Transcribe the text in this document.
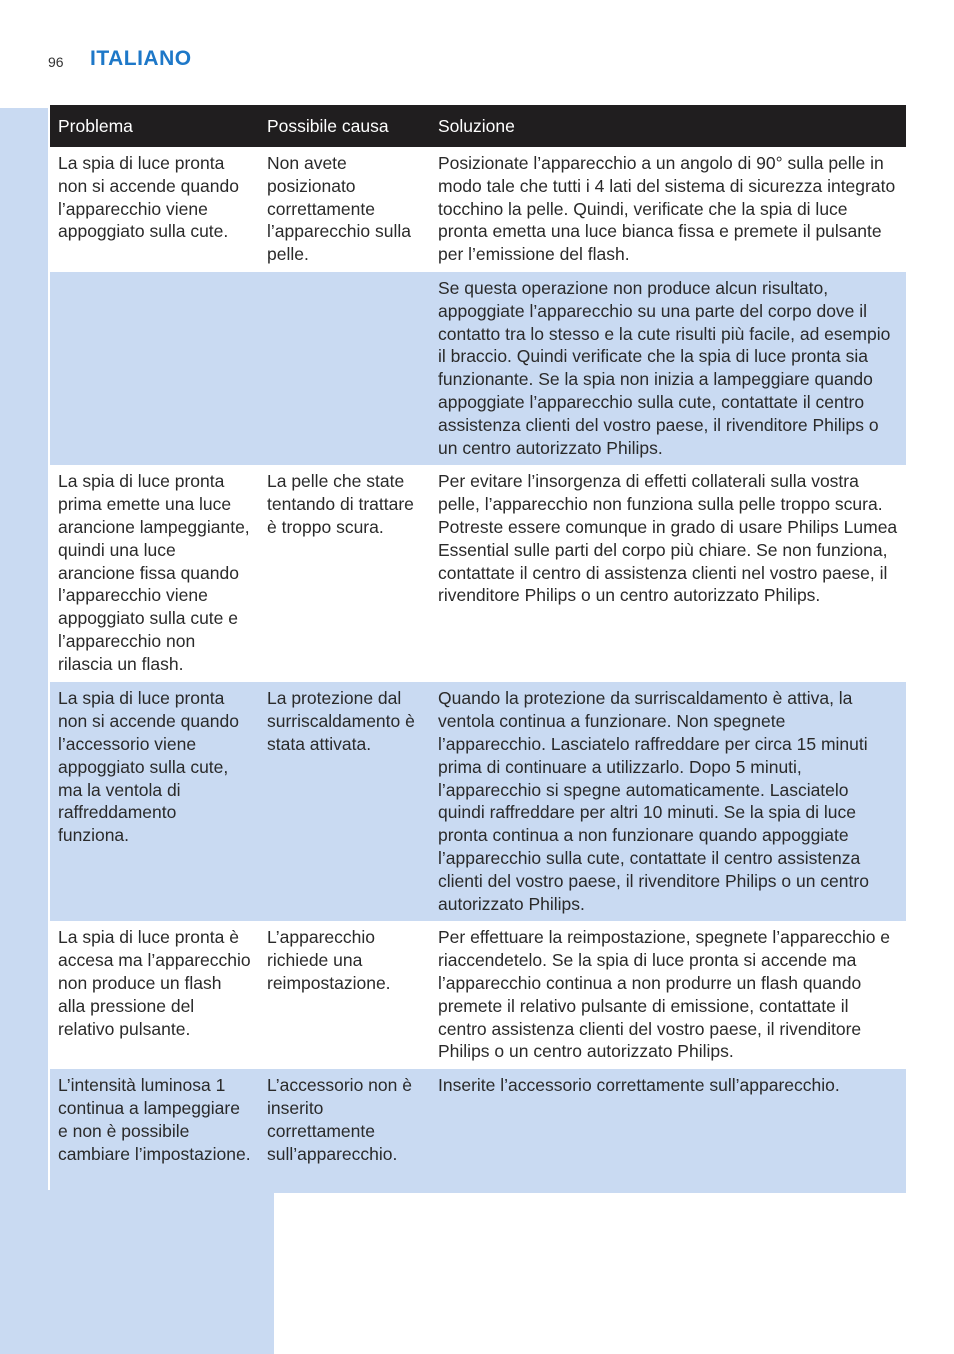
96 ITALIANO
Problema	Possibile causa	Soluzione
La spia di luce pronta non si accende quando l’apparecchio viene appoggiato sulla cute.	Non avete posizionato correttamente l’apparecchio sulla pelle.	Posizionate l’apparecchio a un angolo di 90° sulla pelle in modo tale che tutti i 4 lati del sistema di sicurezza integrato tocchino la pelle. Quindi, verificate che la spia di luce pronta emetta una luce bianca fissa e premete il pulsante per l’emissione del flash.
		Se questa operazione non produce alcun risultato, appoggiate l’apparecchio su una parte del corpo dove il contatto tra lo stesso e la cute risulti più facile, ad esempio il braccio. Quindi verificate che la spia di luce pronta sia funzionante. Se la spia non inizia a lampeggiare quando appoggiate l’apparecchio sulla cute, contattate il centro assistenza clienti del vostro paese, il rivenditore Philips o un centro autorizzato Philips.
La spia di luce pronta prima emette una luce arancione lampeggiante, quindi una luce arancione fissa quando l’apparecchio viene appoggiato sulla cute e l’apparecchio non rilascia un flash.	La pelle che state tentando di trattare è troppo scura.	Per evitare l’insorgenza di effetti collaterali sulla vostra pelle, l’apparecchio non funziona sulla pelle troppo scura. Potreste essere comunque in grado di usare Philips Lumea Essential sulle parti del corpo più chiare. Se non funziona, contattate il centro di assistenza clienti nel vostro paese, il rivenditore Philips o un centro autorizzato Philips.
La spia di luce pronta non si accende quando l’accessorio viene appoggiato sulla cute, ma la ventola di raffreddamento funziona.	La protezione dal surriscaldamento è stata attivata.	Quando la protezione da surriscaldamento è attiva, la ventola continua a funzionare. Non spegnete l’apparecchio. Lasciatelo raffreddare per circa 15 minuti prima di continuare a utilizzarlo. Dopo 5 minuti, l’apparecchio si spegne automaticamente. Lasciatelo quindi raffreddare per altri 10 minuti. Se la spia di luce pronta continua a non funzionare quando appoggiate l’apparecchio sulla cute, contattate il centro assistenza clienti del vostro paese, il rivenditore Philips o un centro autorizzato Philips.
La spia di luce pronta è accesa ma l’apparecchio non produce un flash alla pressione del relativo pulsante.	L’apparecchio richiede una reimpostazione.	Per effettuare la reimpostazione, spegnete l’apparecchio e riaccendetelo. Se la spia di luce pronta si accende ma l’apparecchio continua a non produrre un flash quando premete il relativo pulsante di emissione, contattate il centro assistenza clienti del vostro paese, il rivenditore Philips o un centro autorizzato Philips.
L’intensità luminosa 1 continua a lampeggiare e non è possibile cambiare l’impostazione.	L’accessorio non è inserito correttamente sull’apparecchio.	Inserite l’accessorio correttamente sull’apparecchio.
